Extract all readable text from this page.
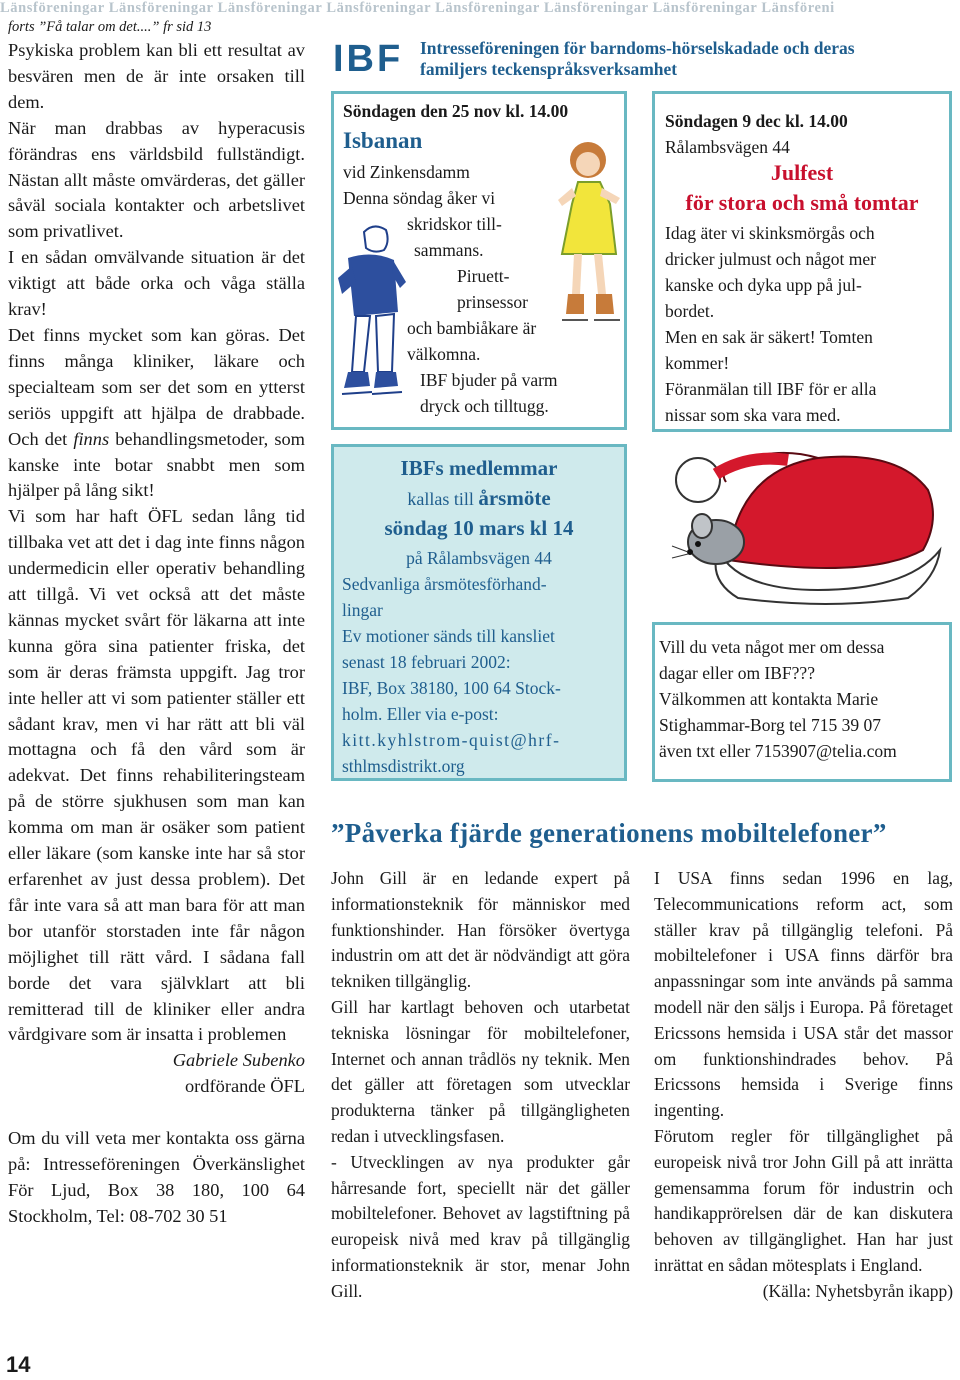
Länsföreningar Länsföreningar Länsföreningar Länsföreningar Länsföreningar Länsföreningar Länsföreningar Länsföreni
forts ”Få talar om det....” fr sid 13

Psykiska problem kan bli ett resultat av besvären men de är inte orsaken till dem.

När man drabbas av hyperacusis förändras ens världsbild fullständigt. Nästan allt måste omvärderas, det gäller såväl sociala kontakter och arbetslivet som privatlivet.

I en sådan omvälvande situation är det viktigt att både orka och våga ställa krav!

Det finns mycket som kan göras. Det finns många kliniker, läkare och specialteam som ser det som en ytterst seriös uppgift att hjälpa de drabbade. Och det finns behandlingsmetoder, som kanske inte botar snabbt men som hjälper på lång sikt!

Vi som har haft ÖFL sedan lång tid tillbaka vet att det i dag inte finns någon undermedicin eller operativ behandling att tillgå. Vi vet också att det måste kännas mycket svårt för läkarna att inte kunna göra sina patienter friska, det som är deras främsta uppgift. Jag tror inte heller att vi som patienter ställer ett sådant krav, men vi har rätt att bli väl mottagna och få den vård som är adekvat. Det finns rehabiliteringsteam på de större sjukhusen som man kan komma om man är osäker som patient eller läkare (som kanske inte har så stor erfarenhet av just dessa problem). Det får inte vara så att man bara för att man bor utanför storstaden inte får någon möjlighet till rätt vård. I sådana fall borde det vara självklart att bli remitterad till de kliniker eller andra vårdgivare som är insatta i problemen

Gabriele Subenko

ordförande ÖFL

Om du vill veta mer kontakta oss gärna på: Intresseföreningen Överkänslighet För Ljud, Box 38 180, 100 64 Stockholm, Tel: 08-702 30 51

14
IBF Intresseföreningen för barndoms-hörselskadade och deras
familjers teckenspråksverksamhet
Söndagen den 25 nov kl. 14.00
Isbanan
vid Zinkensdamm
Denna söndag åker vi
skridskor till-
sammans.
Piruett-
prinsessor
och bambiåkare är
välkomna.
IBF bjuder på varm
dryck och tilltugg.
Söndagen 9 dec kl. 14.00
Rålambsvägen 44
Julfest
för stora och små tomtar
Idag äter vi skinksmörgås och
dricker julmust och något mer
kanske och dyka upp på jul-
bordet.
Men en sak är säkert! Tomten
kommer!
Föranmälan till IBF för er alla
nissar som ska vara med.
IBFs medlemmar
kallas till årsmöte
söndag 10 mars kl 14
på Rålambsvägen 44
Sedvanliga årsmötesförhand-
lingar
Ev motioner sänds till kansliet
senast 18 februari 2002:
IBF, Box 38180, 100 64 Stock-
holm. Eller via e-post:
kitt.kyhlstrom-quist@hrf-
sthlmsdistrikt.org
Vill du veta något mer om dessa
dagar eller om IBF???
Välkommen att kontakta Marie
Stighammar-Borg tel 715 39 07
även txt eller 7153907@telia.com
”Påverka fjärde generationens mobiltelefoner”

John Gill är en ledande expert på informationsteknik för människor med funktionshinder. Han försöker övertyga industrin om att det är nödvändigt att göra tekniken tillgänglig.

Gill har kartlagt behoven och utarbetat tekniska lösningar för mobiltelefoner, Internet och annan trådlös ny teknik. Men det gäller att företagen som utvecklar produkterna tänker på tillgängligheten redan i utvecklingsfasen.

- Utvecklingen av nya produkter går hårresande fort, speciellt när det gäller mobiltelefoner. Behovet av lagstiftning på europeisk nivå med krav på tillgänglig informationsteknik är stor, menar John Gill.

I USA finns sedan 1996 en lag, Telecommunications reform act, som ställer krav på tillgänglig telefoni. På mobiltelefoner i USA finns därför bra anpassningar som inte används på samma modell när den säljs i Europa. På företaget Ericssons hemsida i USA står det massor om funktionshindrades behov. På Ericssons hemsida i Sverige finns ingenting.

Förutom regler för tillgänglighet på europeisk nivå tror John Gill på att inrätta gemensamma forum för industrin och handikapprörelsen där de kan diskutera behoven av tillgänglighet. Han har just inrättat en sådan mötesplats i England.

(Källa: Nyhetsbyrån ikapp)
